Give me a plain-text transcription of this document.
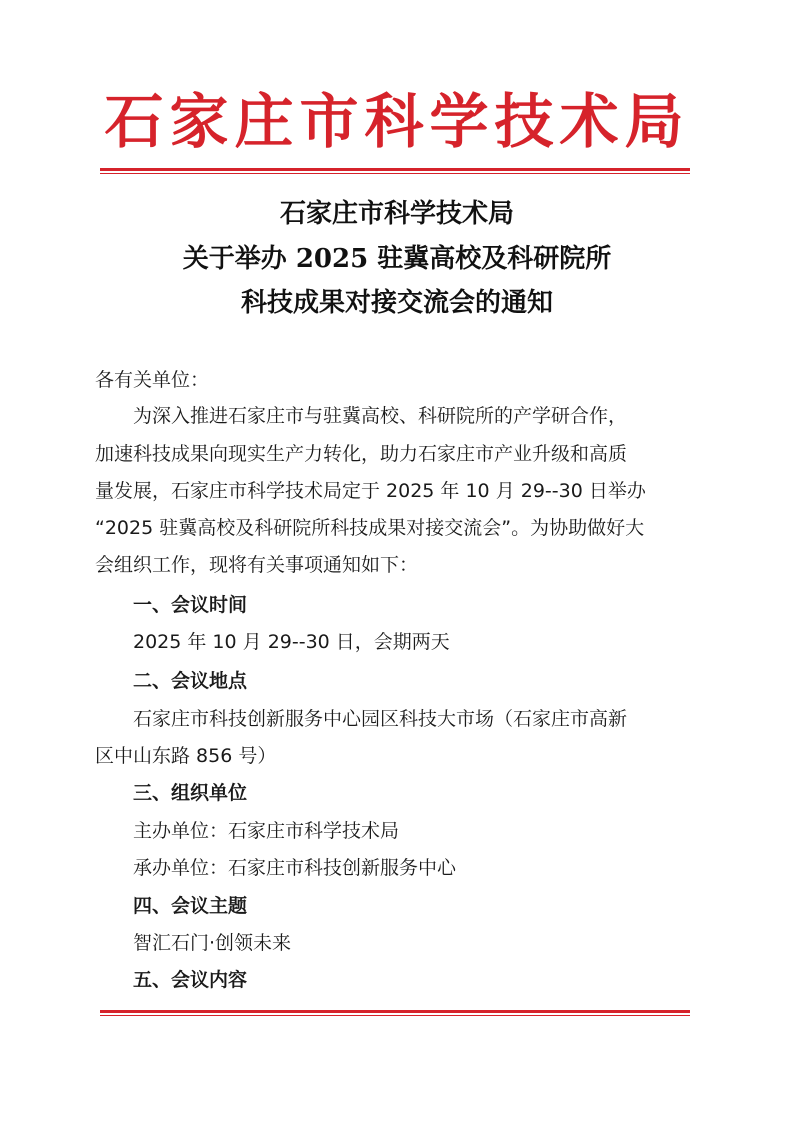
石家庄市科学技术局
石家庄市科学技术局
关于举办 2025 驻冀高校及科研院所
科技成果对接交流会的通知
各有关单位：
为深入推进石家庄市与驻冀高校、科研院所的产学研合作，
加速科技成果向现实生产力转化，助力石家庄市产业升级和高质
量发展，石家庄市科学技术局定于 2025 年 10 月 29--30 日举办
“2025 驻冀高校及科研院所科技成果对接交流会”。为协助做好大
会组织工作，现将有关事项通知如下：
一、会议时间
2025 年 10 月 29--30 日，会期两天
二、会议地点
石家庄市科技创新服务中心园区科技大市场（石家庄市高新
区中山东路 856 号）
三、组织单位
主办单位：石家庄市科学技术局
承办单位：石家庄市科技创新服务中心
四、会议主题
智汇石门·创领未来
五、会议内容
